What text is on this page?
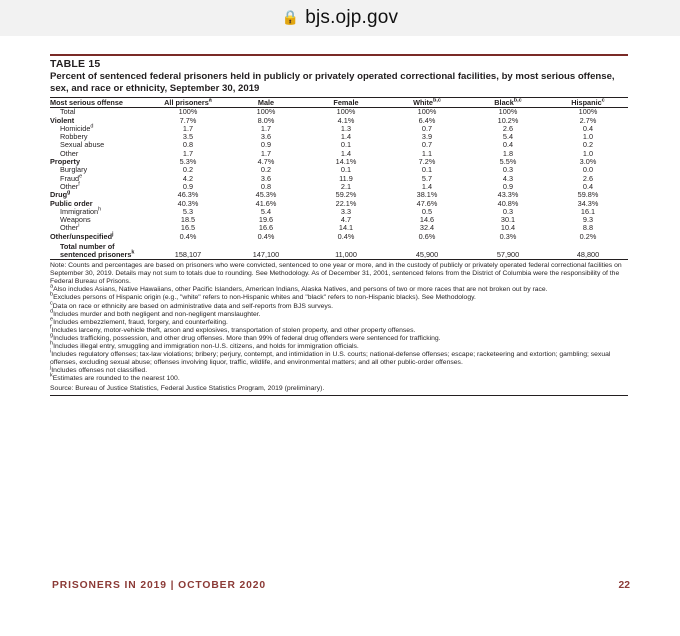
🔒 bjs.ojp.gov
TABLE 15
Percent of sentenced federal prisoners held in publicly or privately operated correctional facilities, by most serious offense, sex, and race or ethnicity, September 30, 2019
Most serious offense	All prisoners$^a$	Male	Female	White$^{b,c}$	Black$^{b,c}$	Hispanic$^c$
Total	100%	100%	100%	100%	100%	100%
Violent	7.7%	8.0%	4.1%	6.4%	10.2%	2.7%
Homicide$^d$	1.7	1.7	1.3	0.7	2.6	0.4
Robbery	3.5	3.6	1.4	3.9	5.4	1.0
Sexual abuse	0.8	0.9	0.1	0.7	0.4	0.2
Other	1.7	1.7	1.4	1.1	1.8	1.0
Property	5.3%	4.7%	14.1%	7.2%	5.5%	3.0%
Burglary	0.2	0.2	0.1	0.1	0.3	0.0
Fraud$^e$	4.2	3.6	11.9	5.7	4.3	2.6
Other$^f$	0.9	0.8	2.1	1.4	0.9	0.4
Drug$^g$	46.3%	45.3%	59.2%	38.1%	43.3%	59.8%
Public order	40.3%	41.6%	22.1%	47.6%	40.8%	34.3%
Immigration$^h$	5.3	5.4	3.3	0.5	0.3	16.1
Weapons	18.5	19.6	4.7	14.6	30.1	9.3
Other$^i$	16.5	16.6	14.1	32.4	10.4	8.8
Other/unspecified$^j$	0.4%	0.4%	0.4%	0.6%	0.3%	0.2%
Total number of sentenced prisoners$^k$	158,107	147,100	11,000	45,900	57,900	48,800

Note: Counts and percentages are based on prisoners who were convicted, sentenced to one year or more, and in the custody of publicly or privately operated federal correctional facilities on September 30, 2019. Details may not sum to totals due to rounding. See Methodology. As of December 31, 2001, sentenced felons from the District of Columbia were the responsibility of the Federal Bureau of Prisons.

$^a$Also includes Asians, Native Hawaiians, other Pacific Islanders, American Indians, Alaska Natives, and persons of two or more races that are not broken out by race.

$^b$Excludes persons of Hispanic origin (e.g., "white" refers to non-Hispanic whites and "black" refers to non-Hispanic blacks). See Methodology.

$^c$Data on race or ethnicity are based on administrative data and self-reports from BJS surveys.

$^d$Includes murder and both negligent and non-negligent manslaughter.

$^e$Includes embezzlement, fraud, forgery, and counterfeiting.

$^f$Includes larceny, motor-vehicle theft, arson and explosives, transportation of stolen property, and other property offenses.

$^g$Includes trafficking, possession, and other drug offenses. More than 99% of federal drug offenders were sentenced for trafficking.

$^h$Includes illegal entry, smuggling and immigration non-U.S. citizens, and holds for immigration officials.

$^i$Includes regulatory offenses; tax-law violations; bribery; perjury, contempt, and intimidation in U.S. courts; national-defense offenses; escape; racketeering and extortion; gambling; sexual offenses, excluding sexual abuse; offenses involving liquor, traffic, wildlife, and environmental matters; and all other public-order offenses.

$^j$Includes offenses not classified.

$^k$Estimates are rounded to the nearest 100.

Source: Bureau of Justice Statistics, Federal Justice Statistics Program, 2019 (preliminary).
PRISONERS IN 2019 | OCTOBER 2020	22
